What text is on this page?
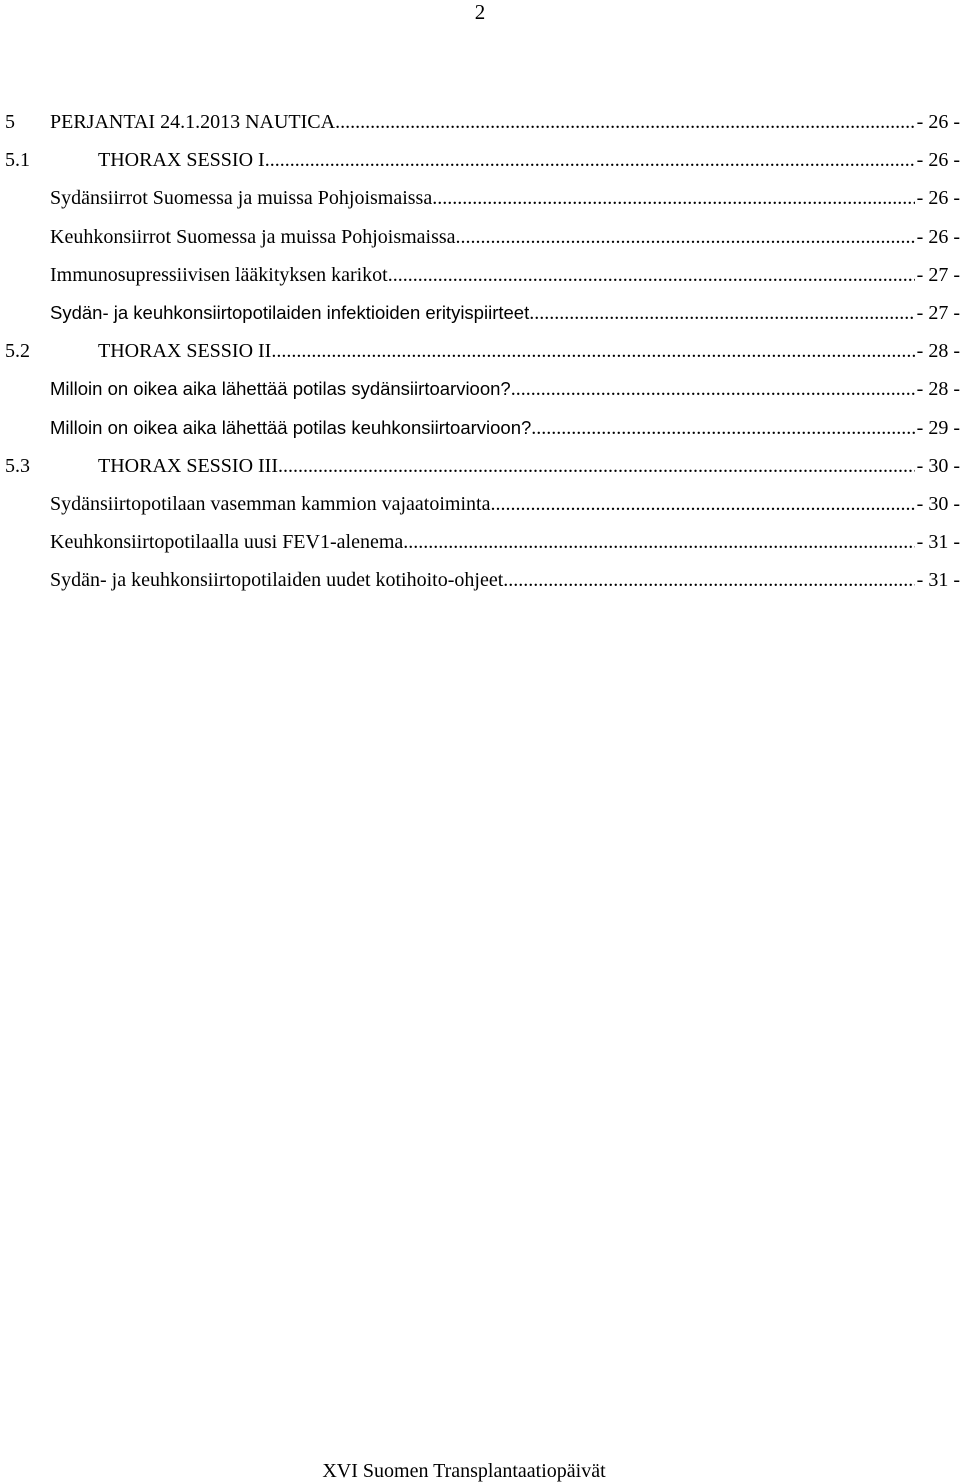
2
5	PERJANTAI 24.1.2013 NAUTICA .....	- 26 -
5.1	THORAX SESSIO I .....	- 26 -
Sydänsiirrot Suomessa ja muissa Pohjoismaissa. .....	- 26 -
Keuhkonsiirrot Suomessa ja muissa Pohjoismaissa .....	- 26 -
Immunosupressiivisen lääkityksen karikot .....	- 27 -
Sydän- ja keuhkonsiirtopotilaiden infektioiden erityispiirteet .....	- 27 -
5.2	THORAX SESSIO II .....	- 28 -
Milloin on oikea aika lähettää potilas sydänsiirtoarvioon? .....	- 28 -
Milloin on oikea aika lähettää potilas keuhkonsiirtoarvioon? .....	- 29 -
5.3	THORAX SESSIO III .....	- 30 -
Sydänsiirtopotilaan vasemman kammion vajaatoiminta .....	- 30 -
Keuhkonsiirtopotilaalla uusi FEV1-alenema .....	- 31 -
Sydän- ja keuhkonsiirtopotilaiden uudet kotihoito-ohjeet .....	- 31 -
XVI Suomen Transplantaatiopäivät
